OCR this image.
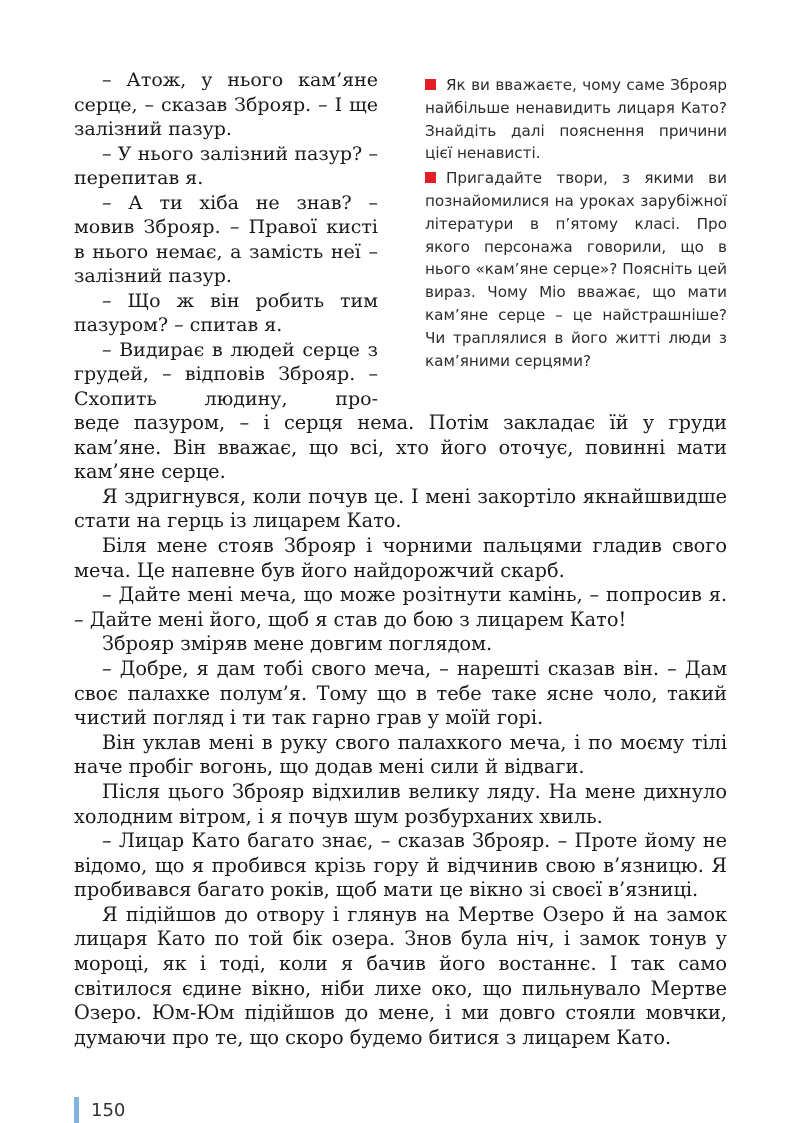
– Атож, у нього кам’яне серце, – сказав Зброяр. – І ще залізний пазур.

– У нього залізний пазур? – перепитав я.

– А ти хіба не знав? – мовив Зброяр. – Правої кисті в нього немає, а замість неї – залізний пазур.

– Що ж він робить тим пазуром? – спитав я.

– Видирає в людей серце з грудей, – відповів Зброяр. – Схопить людину, про-

Як ви вважаєте, чому саме Зброяр найбільше ненавидить лицаря Като? Знайдіть далі пояснення причини цієї ненависті.

Пригадайте твори, з якими ви познайомилися на уроках зарубіжної літератури в п’ятому класі. Про якого персонажа говорили, що в нього «кам’яне серце»? Поясніть цей вираз. Чому Міо вважає, що мати кам’яне серце – це найстрашніше? Чи траплялися в його житті люди з кам’яними серцями?

веде пазуром, – і серця нема. Потім закладає їй у груди кам’яне. Він вважає, що всі, хто його оточує, повинні мати кам’яне серце.

Я здригнувся, коли почув це. І мені закортіло якнайшвидше стати на герць із лицарем Като.

Біля мене стояв Зброяр і чорними пальцями гладив свого меча. Це напевне був його найдорожчий скарб.

– Дайте мені меча, що може розітнути камінь, – попросив я. – Дайте мені його, щоб я став до бою з лицарем Като!

Зброяр зміряв мене довгим поглядом.

– Добре, я дам тобі свого меча, – нарешті сказав він. – Дам своє палахке полум’я. Тому що в тебе таке ясне чоло, такий чистий погляд і ти так гарно грав у моїй горі.

Він уклав мені в руку свого палахкого меча, і по моєму тілі наче пробіг вогонь, що додав мені сили й відваги.

Після цього Зброяр відхилив велику ляду. На мене дихнуло холодним вітром, і я почув шум розбурханих хвиль.

– Лицар Като багато знає, – сказав Зброяр. – Проте йому не відомо, що я пробився крізь гору й відчинив свою в’язницю. Я пробивався багато років, щоб мати це вікно зі своєї в’язниці.

Я підійшов до отвору і глянув на Мертве Озеро й на замок лицаря Като по той бік озера. Знов була ніч, і замок тонув у мороці, як і тоді, коли я бачив його востаннє. І так само світилося єдине вікно, ніби лихе око, що пильнувало Мертве Озеро. Юм-Юм підійшов до мене, і ми довго стояли мовчки, думаючи про те, що скоро будемо битися з лицарем Като.

150
